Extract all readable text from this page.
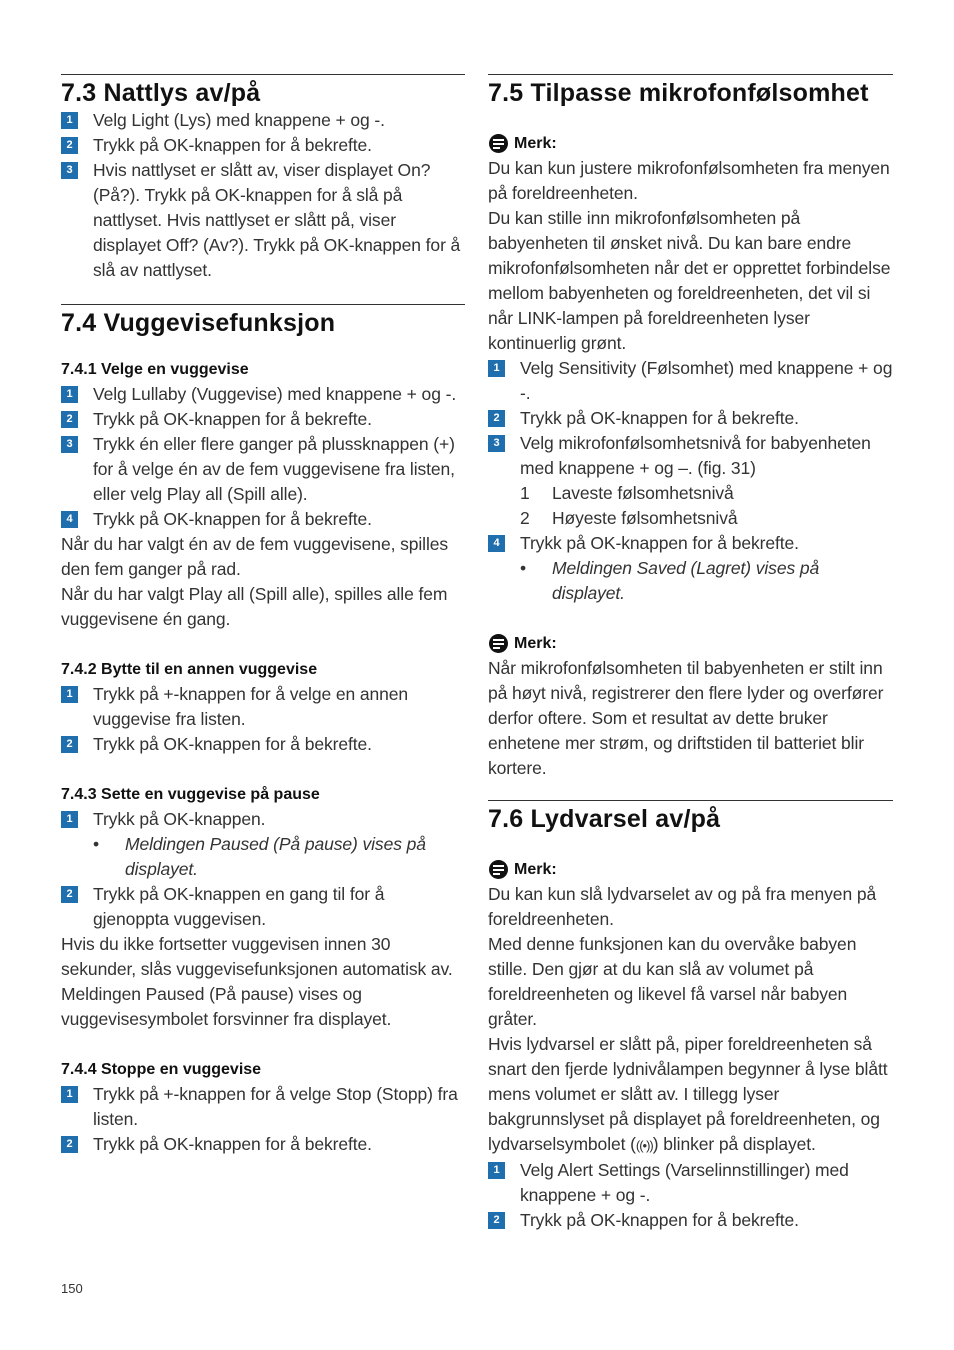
7.3 Nattlys av/på
1	Velg Light (Lys) med knappene + og -.
2	Trykk på OK-knappen for å bekrefte.
3	Hvis nattlyset er slått av, viser displayet On? (På?). Trykk på OK-knappen for å slå på nattlyset. Hvis nattlyset er slått på, viser displayet Off? (Av?). Trykk på OK-knappen for å slå av nattlyset.
7.4 Vuggevisefunksjon
7.4.1 Velge en vuggevise
1	Velg Lullaby (Vuggevise) med knappene + og -.
2	Trykk på OK-knappen for å bekrefte.
3	Trykk én eller flere ganger på plussknappen (+) for å velge én av de fem vuggevisene fra listen, eller velg Play all (Spill alle).
4	Trykk på OK-knappen for å bekrefte.
Når du har valgt én av de fem vuggevisene, spilles den fem ganger på rad.
Når du har valgt Play all (Spill alle), spilles alle fem vuggevisene én gang.
7.4.2 Bytte til en annen vuggevise
1	Trykk på +-knappen for å velge en annen vuggevise fra listen.
2	Trykk på OK-knappen for å bekrefte.
7.4.3 Sette en vuggevise på pause
1	Trykk på OK-knappen.
• Meldingen Paused (På pause) vises på displayet.
2	Trykk på OK-knappen en gang til for å gjenoppta vuggevisen.
Hvis du ikke fortsetter vuggevisen innen 30 sekunder, slås vuggevisefunksjonen automatisk av. Meldingen Paused (På pause) vises og vuggevisesymbolet forsvinner fra displayet.
7.4.4 Stoppe en vuggevise
1	Trykk på +-knappen for å velge Stop (Stopp) fra listen.
2	Trykk på OK-knappen for å bekrefte.
7.5 Tilpasse mikrofonfølsomhet
Merk:
Du kan kun justere mikrofonfølsomheten fra menyen på foreldreenheten.
Du kan stille inn mikrofonfølsomheten på babyenheten til ønsket nivå. Du kan bare endre mikrofonfølsomheten når det er opprettet forbindelse mellom babyenheten og foreldreenheten, det vil si når LINK-lampen på foreldreenheten lyser kontinuerlig grønt.
1	Velg Sensitivity (Følsomhet) med knappene + og -.
2	Trykk på OK-knappen for å bekrefte.
3	Velg mikrofonfølsomhetsnivå for babyenheten med knappene + og –. (fig. 31)
1 Laveste følsomhetsnivå
2 Høyeste følsomhetsnivå
4	Trykk på OK-knappen for å bekrefte.
• Meldingen Saved (Lagret) vises på displayet.
Merk:
Når mikrofonfølsomheten til babyenheten er stilt inn på høyt nivå, registrerer den flere lyder og overfører derfor oftere. Som et resultat av dette bruker enhetene mer strøm, og driftstiden til batteriet blir kortere.
7.6 Lydvarsel av/på
Merk:
Du kan kun slå lydvarselet av og på fra menyen på foreldreenheten.
Med denne funksjonen kan du overvåke babyen stille. Den gjør at du kan slå av volumet på foreldreenheten og likevel få varsel når babyen gråter.
Hvis lydvarsel er slått på, piper foreldreenheten så snart den fjerde lydnivålampen begynner å lyse blått mens volumet er slått av. I tillegg lyser bakgrunnslyset på displayet på foreldreenheten, og lydvarselsymbolet (((•))) blinker på displayet.
1	Velg Alert Settings (Varselinnstillinger) med knappene + og -.
2	Trykk på OK-knappen for å bekrefte.
150
